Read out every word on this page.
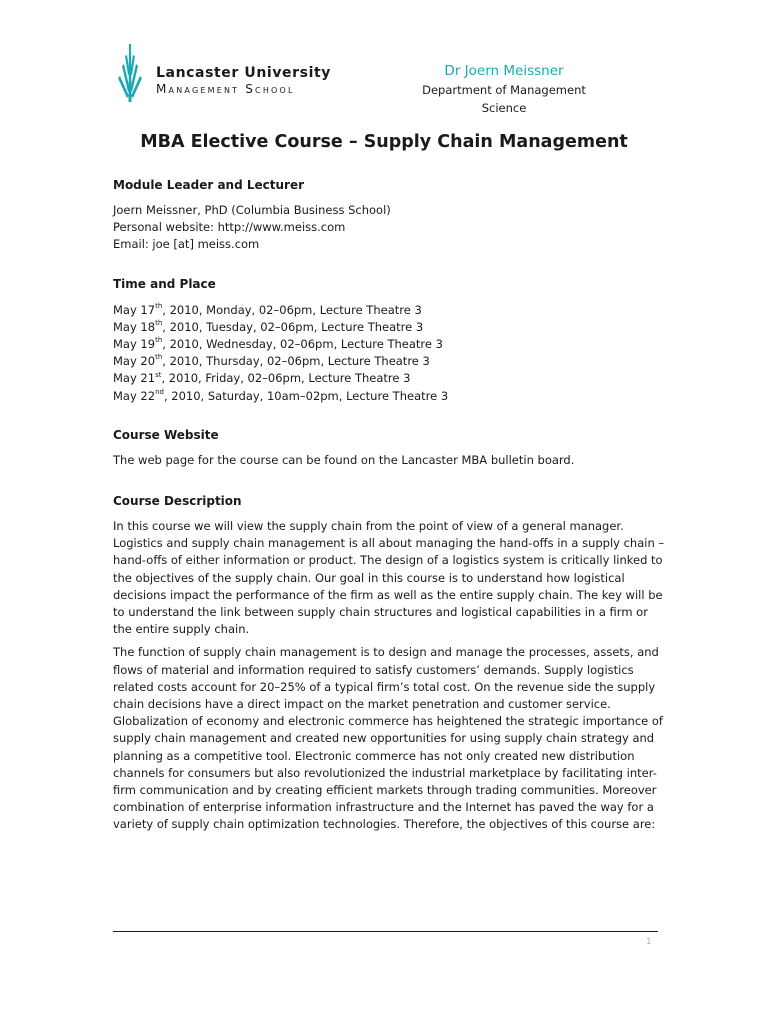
Lancaster University
Management School
Dr Joern Meissner
Department of Management Science
MBA Elective Course – Supply Chain Management
Module Leader and Lecturer
Joern Meissner, PhD (Columbia Business School)
Personal website: http://www.meiss.com
Email: joe [at] meiss.com
Time and Place
May 17th, 2010, Monday, 02–06pm, Lecture Theatre 3
May 18th, 2010, Tuesday, 02–06pm, Lecture Theatre 3
May 19th, 2010, Wednesday, 02–06pm, Lecture Theatre 3
May 20th, 2010, Thursday, 02–06pm, Lecture Theatre 3
May 21st, 2010, Friday, 02–06pm, Lecture Theatre 3
May 22nd, 2010, Saturday, 10am–02pm, Lecture Theatre 3
Course Website
The web page for the course can be found on the Lancaster MBA bulletin board.
Course Description
In this course we will view the supply chain from the point of view of a general manager.
Logistics and supply chain management is all about managing the hand-offs in a supply chain –
hand-offs of either information or product. The design of a logistics system is critically linked to
the objectives of the supply chain. Our goal in this course is to understand how logistical
decisions impact the performance of the firm as well as the entire supply chain. The key will be
to understand the link between supply chain structures and logistical capabilities in a firm or
the entire supply chain.
The function of supply chain management is to design and manage the processes, assets, and
flows of material and information required to satisfy customers’ demands. Supply logistics
related costs account for 20–25% of a typical firm’s total cost. On the revenue side the supply
chain decisions have a direct impact on the market penetration and customer service.
Globalization of economy and electronic commerce has heightened the strategic importance of
supply chain management and created new opportunities for using supply chain strategy and
planning as a competitive tool. Electronic commerce has not only created new distribution
channels for consumers but also revolutionized the industrial marketplace by facilitating inter-
firm communication and by creating efficient markets through trading communities. Moreover
combination of enterprise information infrastructure and the Internet has paved the way for a
variety of supply chain optimization technologies. Therefore, the objectives of this course are:
1
